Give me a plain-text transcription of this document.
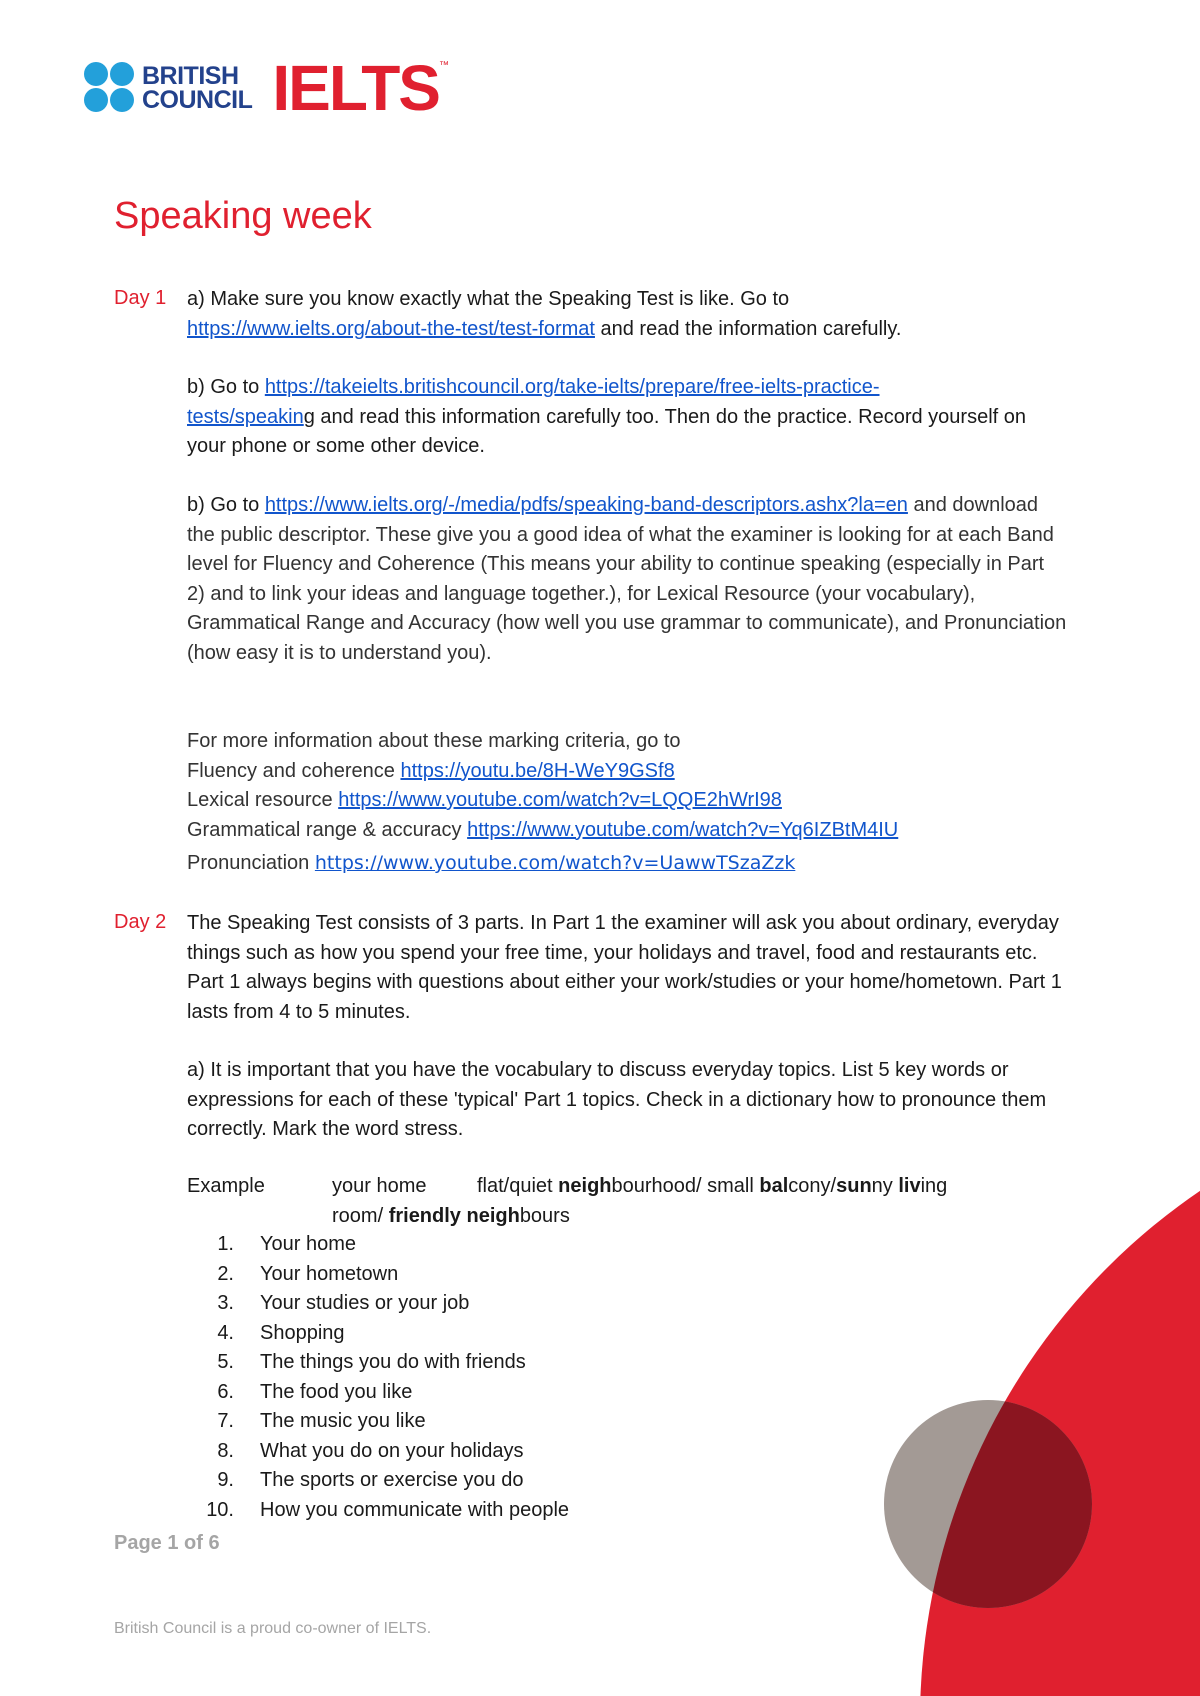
BRITISH
COUNCIL IELTS ™
Speaking week
Day 1 a) Make sure you know exactly what the Speaking Test is like. Go to
https://www.ielts.org/about-the-test/test-format and read the information carefully.

b) Go to https://takeielts.britishcouncil.org/take-ielts/prepare/free-ielts-practice-
tests/speaking and read this information carefully too. Then do the practice. Record yourself on your phone or some other device.

b) Go to https://www.ielts.org/-/media/pdfs/speaking-band-descriptors.ashx?la=en and download the public descriptor. These give you a good idea of what the examiner is looking for at each Band level for Fluency and Coherence (This means your ability to continue speaking (especially in Part 2) and to link your ideas and language together.), for Lexical Resource (your vocabulary), Grammatical Range and Accuracy (how well you use grammar to communicate), and Pronunciation (how easy it is to understand you).

For more information about these marking criteria, go to

Fluency and coherence https://youtu.be/8H-WeY9GSf8

Lexical resource https://www.youtube.com/watch?v=LQQE2hWrI98

Grammatical range & accuracy https://www.youtube.com/watch?v=Yq6IZBtM4IU

Pronunciation https://www.youtube.com/watch?v=UawwTSzaZzk

Day 2 The Speaking Test consists of 3 parts. In Part 1 the examiner will ask you about ordinary, everyday things such as how you spend your free time, your holidays and travel, food and restaurants etc. Part 1 always begins with questions about either your work/studies or your home/hometown. Part 1 lasts from 4 to 5 minutes.
a) It is important that you have the vocabulary to discuss everyday topics. List 5 key words or expressions for each of these 'typical' Part 1 topics. Check in a dictionary how to pronounce them correctly. Mark the word stress.
Example	your home	flat/quiet neighbourhood/ small balcony/sunny living
room/ friendly neighbours
1.	Your home
2.	Your hometown
3.	Your studies or your job
4.	Shopping
5.	The things you do with friends
6.	The food you like
7.	The music you like
8.	What you do on your holidays
9.	The sports or exercise you do
10.	How you communicate with people
Page 1 of 6
British Council is a proud co-owner of IELTS.
